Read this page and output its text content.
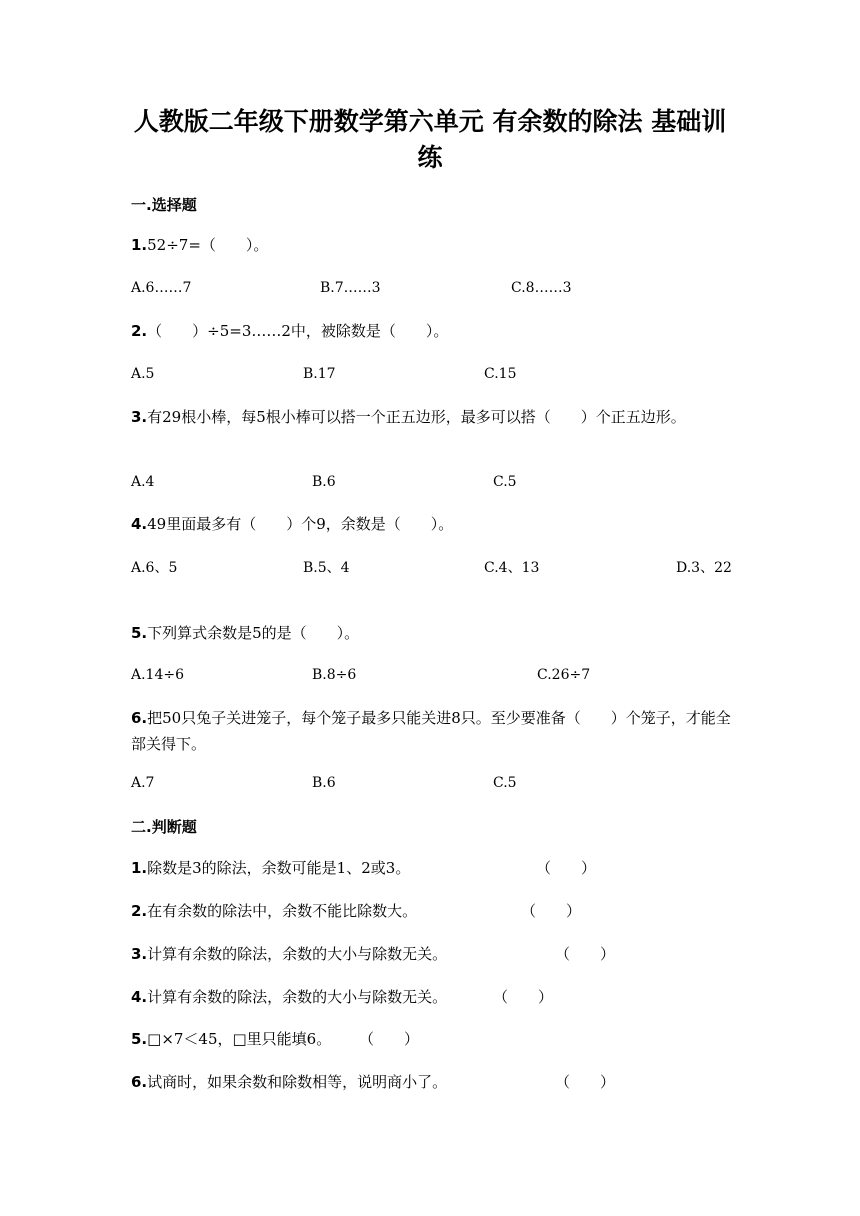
人教版二年级下册数学第六单元 有余数的除法 基础训练
一.选择题
1.52÷7=（　　）。
A.6……7	B.7……3	C.8……3
2.（　　）÷5=3……2中，被除数是（　　）。
A.5	B.17	C.15
3.有29根小棒，每5根小棒可以搭一个正五边形，最多可以搭（　　）个正五边形。
A.4	B.6	C.5
4.49里面最多有（　　）个9，余数是（　　）。
A.6、5	B.5、4	C.4、13	D.3、22
5.下列算式余数是5的是（　　）。
A.14÷6	B.8÷6	C.26÷7
6.把50只兔子关进笼子，每个笼子最多只能关进8只。至少要准备（　　）个笼子，才能全部关得下。
A.7	B.6	C.5
二.判断题
1.除数是3的除法，余数可能是1、2或3。	（　　）
2.在有余数的除法中，余数不能比除数大。	（　　）
3.计算有余数的除法，余数的大小与除数无关。	（　　）
4.计算有余数的除法，余数的大小与除数无关。	（　　）
5.□×7＜45，□里只能填6。 （　　）
6.试商时，如果余数和除数相等，说明商小了。	（　　）
